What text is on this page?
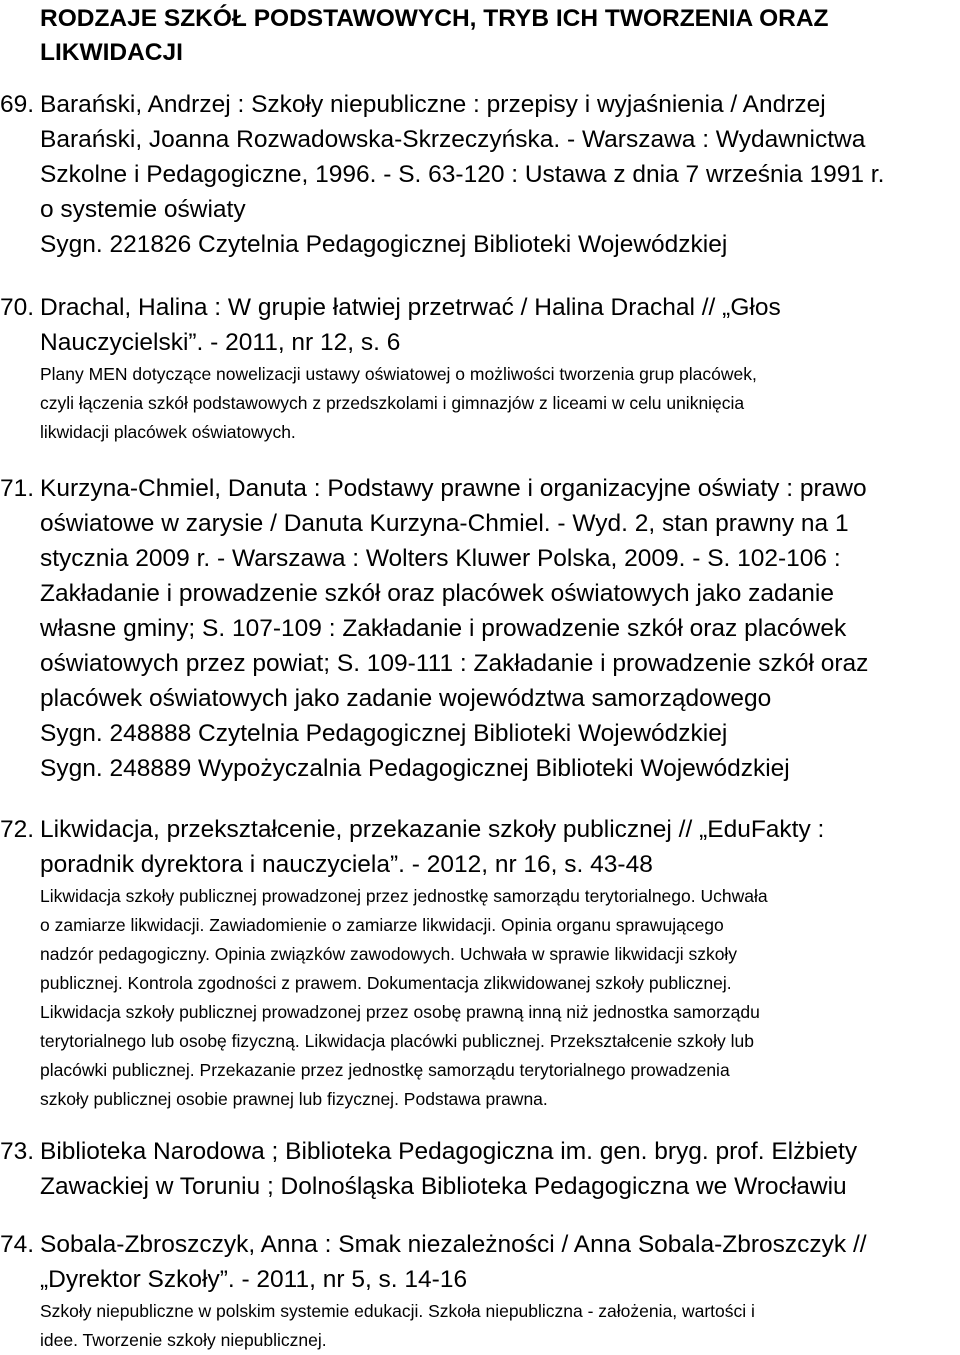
RODZAJE SZKÓŁ PODSTAWOWYCH, TRYB ICH TWORZENIA ORAZ
LIKWIDACJI
69. Barański, Andrzej : Szkoły niepubliczne : przepisy i wyjaśnienia / Andrzej
Barański, Joanna Rozwadowska-Skrzeczyńska. - Warszawa : Wydawnictwa
Szkolne i Pedagogiczne, 1996. - S. 63-120 : Ustawa z dnia 7 września 1991 r.
o systemie oświaty
Sygn. 221826 Czytelnia Pedagogicznej Biblioteki Wojewódzkiej
70. Drachal, Halina : W grupie łatwiej przetrwać / Halina Drachal // „Głos
Nauczycielski”. - 2011, nr 12, s. 6
Plany MEN dotyczące nowelizacji ustawy oświatowej o możliwości tworzenia grup placówek,
czyli łączenia szkół podstawowych z przedszkolami i gimnazjów z liceami w celu uniknięcia
likwidacji placówek oświatowych.
71. Kurzyna-Chmiel, Danuta : Podstawy prawne i organizacyjne oświaty : prawo
oświatowe w zarysie / Danuta Kurzyna-Chmiel. - Wyd. 2, stan prawny na 1
stycznia 2009 r. - Warszawa : Wolters Kluwer Polska, 2009. - S. 102-106 :
Zakładanie i prowadzenie szkół oraz placówek oświatowych jako zadanie
własne gminy; S. 107-109 : Zakładanie i prowadzenie szkół oraz placówek
oświatowych przez powiat; S. 109-111 : Zakładanie i prowadzenie szkół oraz
placówek oświatowych jako zadanie województwa samorządowego
Sygn. 248888 Czytelnia Pedagogicznej Biblioteki Wojewódzkiej
Sygn. 248889 Wypożyczalnia Pedagogicznej Biblioteki Wojewódzkiej
72. Likwidacja, przekształcenie, przekazanie szkoły publicznej // „EduFakty :
poradnik dyrektora i nauczyciela”. - 2012, nr 16, s. 43-48
Likwidacja szkoły publicznej prowadzonej przez jednostkę samorządu terytorialnego. Uchwała
o zamiarze likwidacji. Zawiadomienie o zamiarze likwidacji. Opinia organu sprawującego
nadzór pedagogiczny. Opinia związków zawodowych. Uchwała w sprawie likwidacji szkoły
publicznej. Kontrola zgodności z prawem. Dokumentacja zlikwidowanej szkoły publicznej.
Likwidacja szkoły publicznej prowadzonej przez osobę prawną inną niż jednostka samorządu
terytorialnego lub osobę fizyczną. Likwidacja placówki publicznej. Przekształcenie szkoły lub
placówki publicznej. Przekazanie przez jednostkę samorządu terytorialnego prowadzenia
szkoły publicznej osobie prawnej lub fizycznej. Podstawa prawna.
73. Biblioteka Narodowa ; Biblioteka Pedagogiczna im. gen. bryg. prof. Elżbiety
Zawackiej w Toruniu ; Dolnośląska Biblioteka Pedagogiczna we Wrocławiu
74. Sobala-Zbroszczyk, Anna : Smak niezależności / Anna Sobala-Zbroszczyk //
„Dyrektor Szkoły”. - 2011, nr 5, s. 14-16
Szkoły niepubliczne w polskim systemie edukacji. Szkoła niepubliczna - założenia, wartości i
idee. Tworzenie szkoły niepublicznej.
